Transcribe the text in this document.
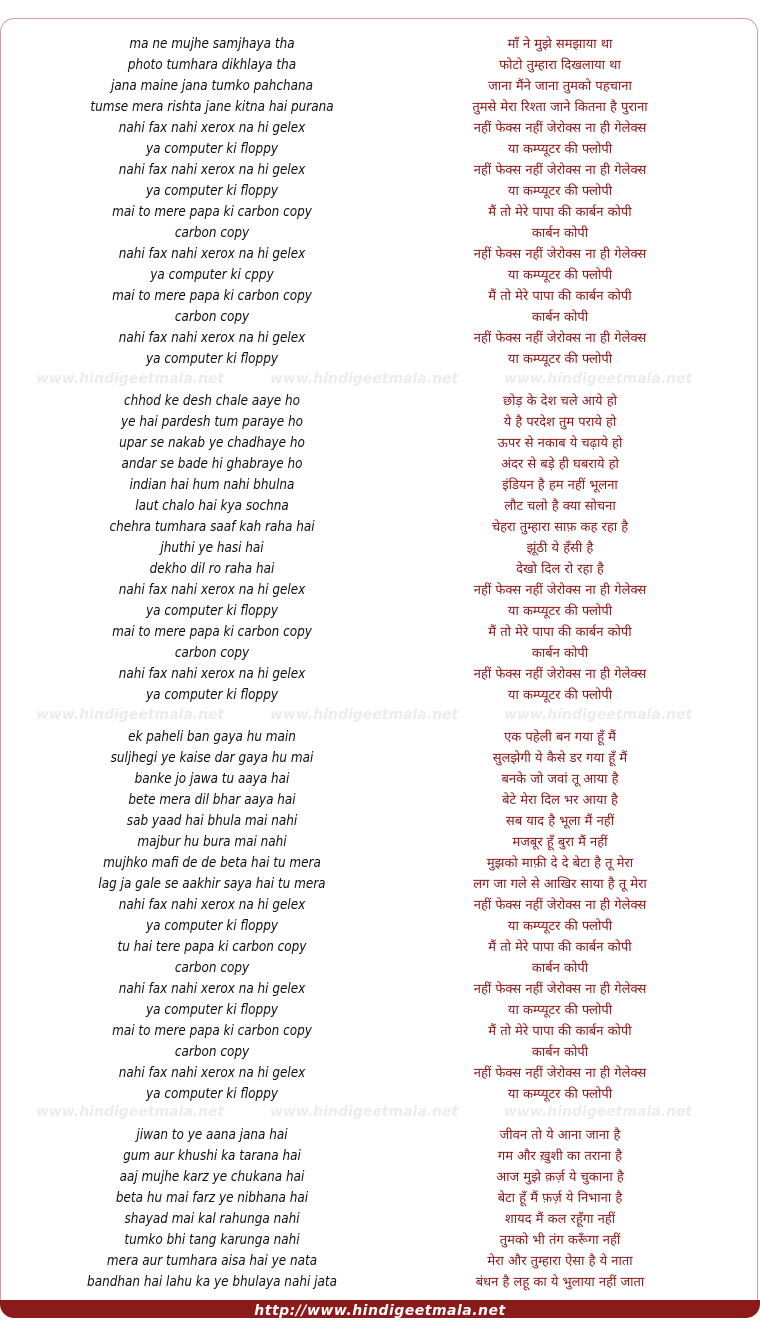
ma ne mujhe samjhaya tha	माँ ने मुझे समझाया था
photo tumhara dikhlaya tha	फोटो तुम्हारा दिखलाया था
jana maine jana tumko pahchana	जाना मैंने जाना तुमको पहचाना
tumse mera rishta jane kitna hai purana	तुमसे मेरा रिश्ता जाने कितना है पुराना
nahi fax nahi xerox na hi gelex	नहीं फेक्स नहीं जेरोक्स ना ही गेलेक्स
ya computer ki floppy	या कम्प्यूटर की फ्लोपी
nahi fax nahi xerox na hi gelex	नहीं फेक्स नहीं जेरोक्स ना ही गेलेक्स
ya computer ki floppy	या कम्प्यूटर की फ्लोपी
mai to mere papa ki carbon copy	मैं तो मेरे पापा की कार्बन कोपी
carbon copy	कार्बन कोपी
nahi fax nahi xerox na hi gelex	नहीं फेक्स नहीं जेरोक्स ना ही गेलेक्स
ya computer ki cppy	या कम्प्यूटर की फ्लोपी
mai to mere papa ki carbon copy	मैं तो मेरे पापा की कार्बन कोपी
carbon copy	कार्बन कोपी
nahi fax nahi xerox na hi gelex	नहीं फेक्स नहीं जेरोक्स ना ही गेलेक्स
ya computer ki floppy	या कम्प्यूटर की फ्लोपी
www.hindigeetmala.net	www.hindigeetmala.net	www.hindigeetmala.net
chhod ke desh chale aaye ho	छोड़ के देश चले आये हो
ye hai pardesh tum paraye ho	ये है परदेश तुम पराये हो
upar se nakab ye chadhaye ho	ऊपर से नकाब ये चढ़ाये हो
andar se bade hi ghabraye ho	अंदर से बड़े ही घबराये हो
indian hai hum nahi bhulna	इंडियन है हम नहीं भूलना
laut chalo hai kya sochna	लौट चलो है क्या सोचना
chehra tumhara saaf kah raha hai	चेहरा तुम्हारा साफ़ कह रहा है
jhuthi ye hasi hai	झूंठी ये हँसी है
dekho dil ro raha hai	देखो दिल रो रहा है
nahi fax nahi xerox na hi gelex	नहीं फेक्स नहीं जेरोक्स ना ही गेलेक्स
ya computer ki floppy	या कम्प्यूटर की फ्लोपी
mai to mere papa ki carbon copy	मैं तो मेरे पापा की कार्बन कोपी
carbon copy	कार्बन कोपी
nahi fax nahi xerox na hi gelex	नहीं फेक्स नहीं जेरोक्स ना ही गेलेक्स
ya computer ki floppy	या कम्प्यूटर की फ्लोपी
www.hindigeetmala.net	www.hindigeetmala.net	www.hindigeetmala.net
ek paheli ban gaya hu main	एक पहेली बन गया हूँ मैं
suljhegi ye kaise dar gaya hu mai	सुलझेगी ये कैसे डर गया हूँ मैं
banke jo jawa tu aaya hai	बनके जो जवां तू आया है
bete mera dil bhar aaya hai	बेटे मेरा दिल भर आया है
sab yaad hai bhula mai nahi	सब याद है भूला मैं नहीं
majbur hu bura mai nahi	मजबूर हूँ बुरा मैं नहीं
mujhko mafi de de beta hai tu mera	मुझको माफ़ी दे दे बेटा है तू मेरा
lag ja gale se aakhir saya hai tu mera	लग जा गले से आखिर साया है तू मेरा
nahi fax nahi xerox na hi gelex	नहीं फेक्स नहीं जेरोक्स ना ही गेलेक्स
ya computer ki floppy	या कम्प्यूटर की फ्लोपी
tu hai tere papa ki carbon copy	मैं तो मेरे पापा की कार्बन कोपी
carbon copy	कार्बन कोपी
nahi fax nahi xerox na hi gelex	नहीं फेक्स नहीं जेरोक्स ना ही गेलेक्स
ya computer ki floppy	या कम्प्यूटर की फ्लोपी
mai to mere papa ki carbon copy	मैं तो मेरे पापा की कार्बन कोपी
carbon copy	कार्बन कोपी
nahi fax nahi xerox na hi gelex	नहीं फेक्स नहीं जेरोक्स ना ही गेलेक्स
ya computer ki floppy	या कम्प्यूटर की फ्लोपी
www.hindigeetmala.net	www.hindigeetmala.net	www.hindigeetmala.net
jiwan to ye aana jana hai	जीवन तो ये आना जाना है
gum aur khushi ka tarana hai	गम और ख़ुशी का तराना है
aaj mujhe karz ye chukana hai	आज मुझे क़र्ज़ ये चुकाना है
beta hu mai farz ye nibhana hai	बेटा हूँ मैं फ़र्ज़ ये निभाना है
shayad mai kal rahunga nahi	शायद मैं कल रहूँगा नहीं
tumko bhi tang karunga nahi	तुमको भी तंग करूँगा नहीं
mera aur tumhara aisa hai ye nata	मेरा और तुम्हारा ऐसा है ये नाता
bandhan hai lahu ka ye bhulaya nahi jata	बंधन है लहू का ये भुलाया नहीं जाता
http://www.hindigeetmala.net
